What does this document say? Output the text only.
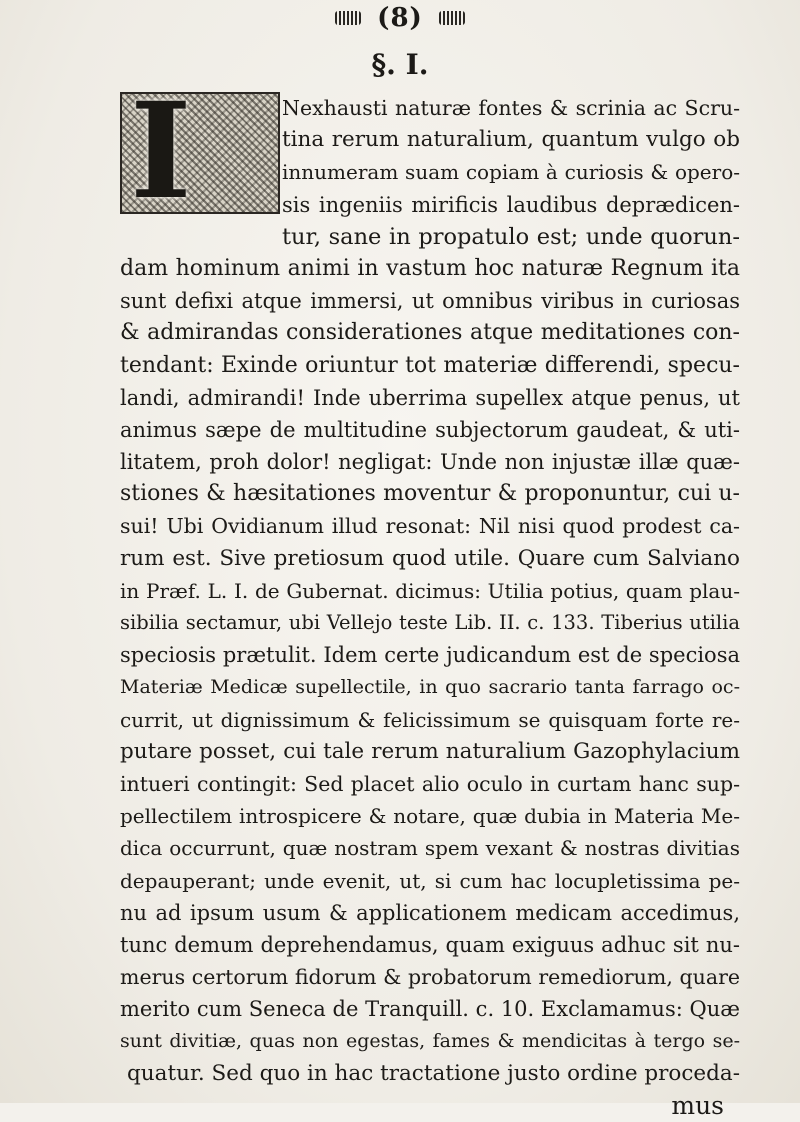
(8)
§. I.
I	Nexhausti naturæ fontes & scrinia ac Scru-
tina rerum naturalium, quantum vulgo ob
innumeram suam copiam à curiosis & opero-
sis ingeniis mirificis laudibus deprædicen-
tur, sane in propatulo est; unde quorun-
dam hominum animi in vastum hoc naturæ Regnum ita
sunt defixi atque immersi, ut omnibus viribus in curiosas
& admirandas considerationes atque meditationes con-
tendant: Exinde oriuntur tot materiæ differendi, specu-
landi, admirandi! Inde uberrima supellex atque penus, ut
animus sæpe de multitudine subjectorum gaudeat, & uti-
litatem, proh dolor! negligat: Unde non injustæ illæ quæ-
stiones & hæsitationes moventur & proponuntur, cui u-
sui! Ubi Ovidianum illud resonat: Nil nisi quod prodest ca-
rum est. Sive pretiosum quod utile. Quare cum Salviano
in Præf. L. I. de Gubernat. dicimus: Utilia potius, quam plau-
sibilia sectamur, ubi Vellejo teste Lib. II. c. 133. Tiberius utilia
speciosis prætulit. Idem certe judicandum est de speciosa
Materiæ Medicæ supellectile, in quo sacrario tanta farrago oc-
currit, ut dignissimum & felicissimum se quisquam forte re-
putare posset, cui tale rerum naturalium Gazophylacium
intueri contingit: Sed placet alio oculo in curtam hanc sup-
pellectilem introspicere & notare, quæ dubia in Materia Me-
dica occurrunt, quæ nostram spem vexant & nostras divitias
depauperant; unde evenit, ut, si cum hac locupletissima pe-
nu ad ipsum usum & applicationem medicam accedimus,
tunc demum deprehendamus, quam exiguus adhuc sit nu-
merus certorum fidorum & probatorum remediorum, quare
merito cum Seneca de Tranquill. c. 10. Exclamamus: Quæ
sunt divitiæ, quas non egestas, fames & mendicitas à tergo se-
quatur. Sed quo in hac tractatione justo ordine proceda-
mus
